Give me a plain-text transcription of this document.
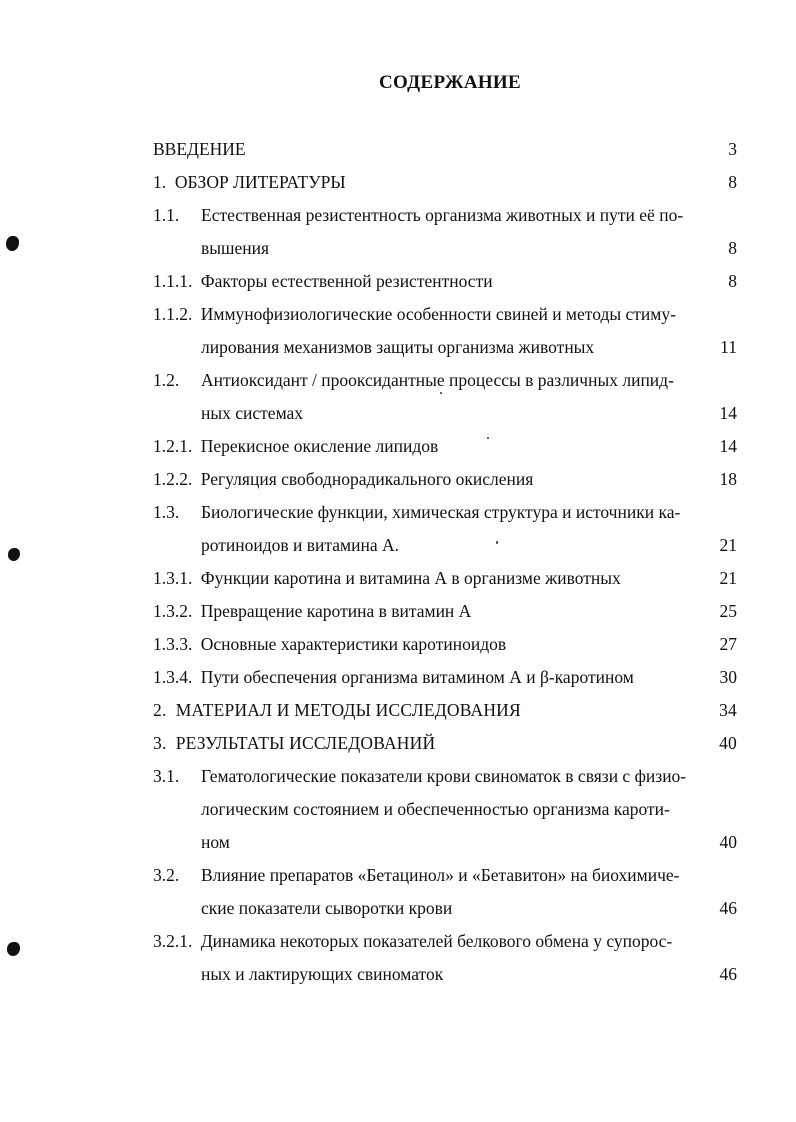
СОДЕРЖАНИЕ
ВВЕДЕНИЕ	3
1. ОБЗОР ЛИТЕРАТУРЫ	8
1.1. Естественная резистентность организма животных и пути её по-
вышения	8
1.1.1. Факторы естественной резистентности	8
1.1.2. Иммунофизиологические особенности свиней и методы стиму-
лирования механизмов защиты организма животных	11
1.2. Антиоксидант / прооксидантные процессы в различных липид-
ных системах	14
1.2.1. Перекисное окисление липидов	14
1.2.2. Регуляция свободнорадикального окисления	18
1.3. Биологические функции, химическая структура и источники ка-
ротиноидов и витамина А.	21
1.3.1. Функции каротина и витамина А в организме животных	21
1.3.2. Превращение каротина в витамин А	25
1.3.3. Основные характеристики каротиноидов	27
1.3.4. Пути обеспечения организма витамином А и β-каротином	30
2. МАТЕРИАЛ И МЕТОДЫ ИССЛЕДОВАНИЯ	34
3. РЕЗУЛЬТАТЫ ИССЛЕДОВАНИЙ	40
3.1. Гематологические показатели крови свиноматок в связи с физио-
логическим состоянием и обеспеченностью организма кароти-
ном	40
3.2. Влияние препаратов «Бетацинол» и «Бетавитон» на биохимиче-
ские показатели сыворотки крови	46
3.2.1. Динамика некоторых показателей белкового обмена у супорос-
ных и лактирующих свиноматок	46
